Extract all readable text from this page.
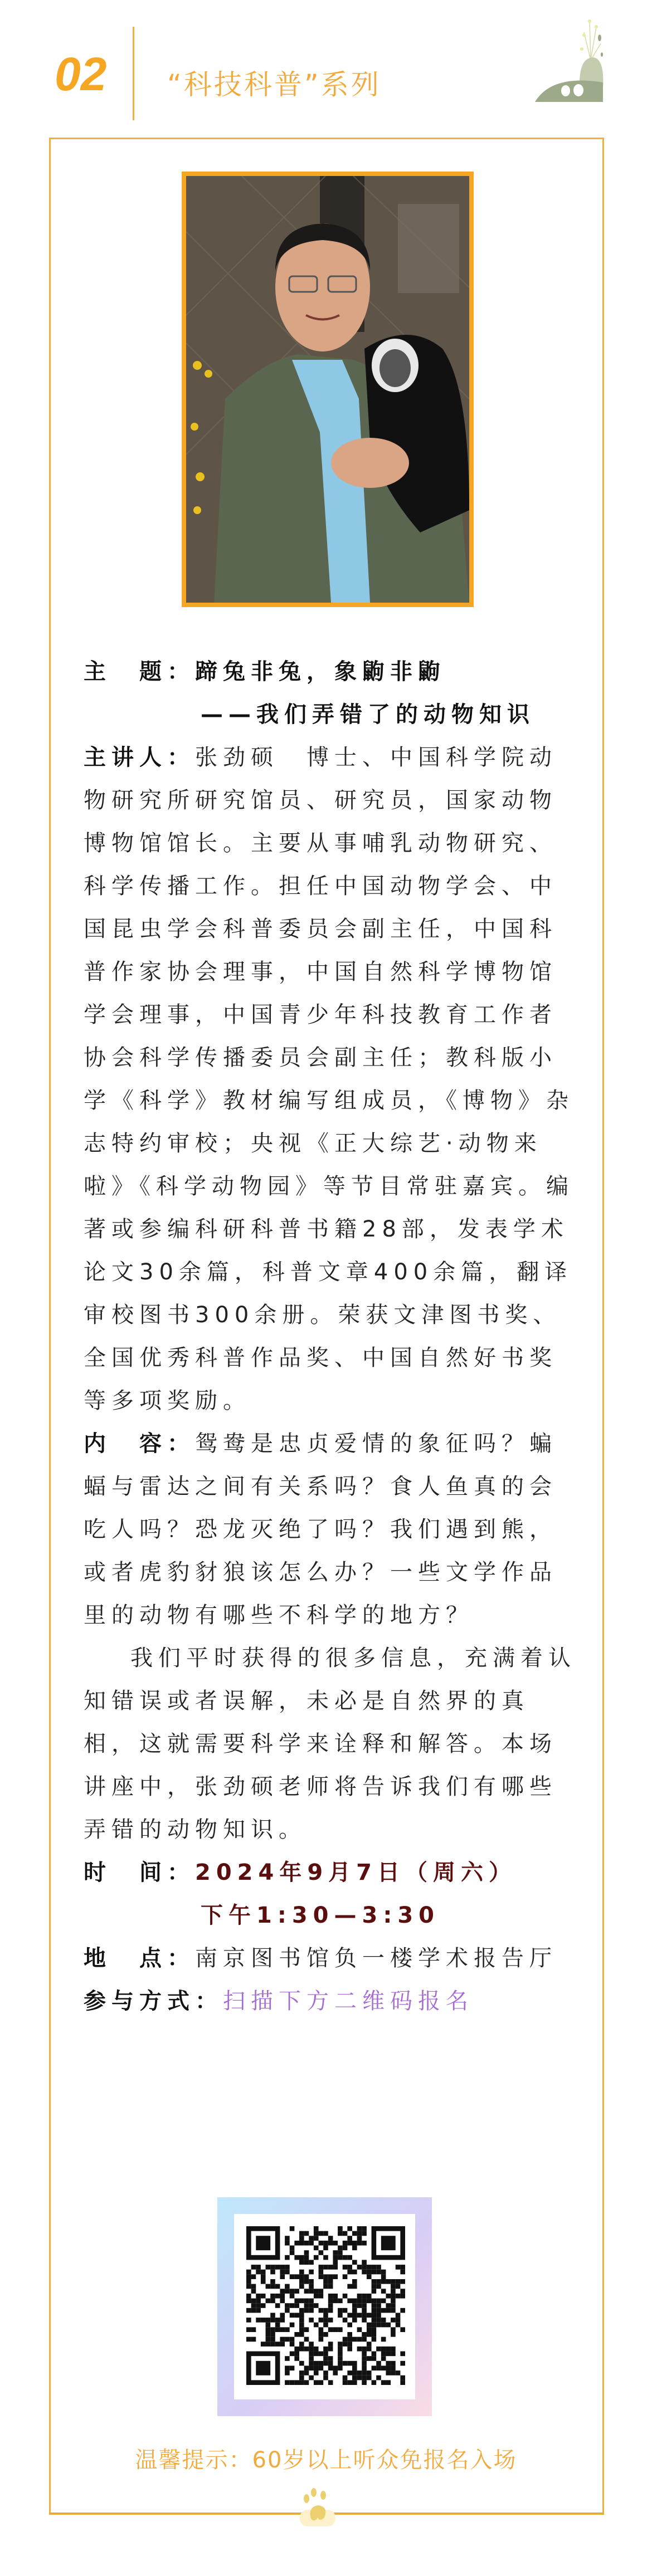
02 “科技科普”系列

主　题：蹄兔非兔，象鼩非鼩

——我们弄错了的动物知识

主讲人：张劲硕　博士、中国科学院动物研究所研究馆员、研究员，国家动物博物馆馆长。主要从事哺乳动物研究、科学传播工作。担任中国动物学会、中国昆虫学会科普委员会副主任，中国科普作家协会理事，中国自然科学博物馆学会理事，中国青少年科技教育工作者协会科学传播委员会副主任；教科版小学《科学》教材编写组成员，《博物》杂志特约审校；央视《正大综艺·动物来啦》《科学动物园》等节目常驻嘉宾。编著或参编科研科普书籍28部，发表学术论文30余篇，科普文章400余篇，翻译审校图书300余册。荣获文津图书奖、全国优秀科普作品奖、中国自然好书奖等多项奖励。

内　容：鸳鸯是忠贞爱情的象征吗？蝙蝠与雷达之间有关系吗？食人鱼真的会吃人吗？恐龙灭绝了吗？我们遇到熊，或者虎豹豺狼该怎么办？一些文学作品里的动物有哪些不科学的地方？

我们平时获得的很多信息，充满着认知错误或者误解，未必是自然界的真相，这就需要科学来诠释和解答。本场讲座中，张劲硕老师将告诉我们有哪些弄错的动物知识。

时　间：2024年9月7日（周六）

下午1:30—3:30

地　点：南京图书馆负一楼学术报告厅

参与方式：扫描下方二维码报名

温馨提示：60岁以上听众免报名入场
